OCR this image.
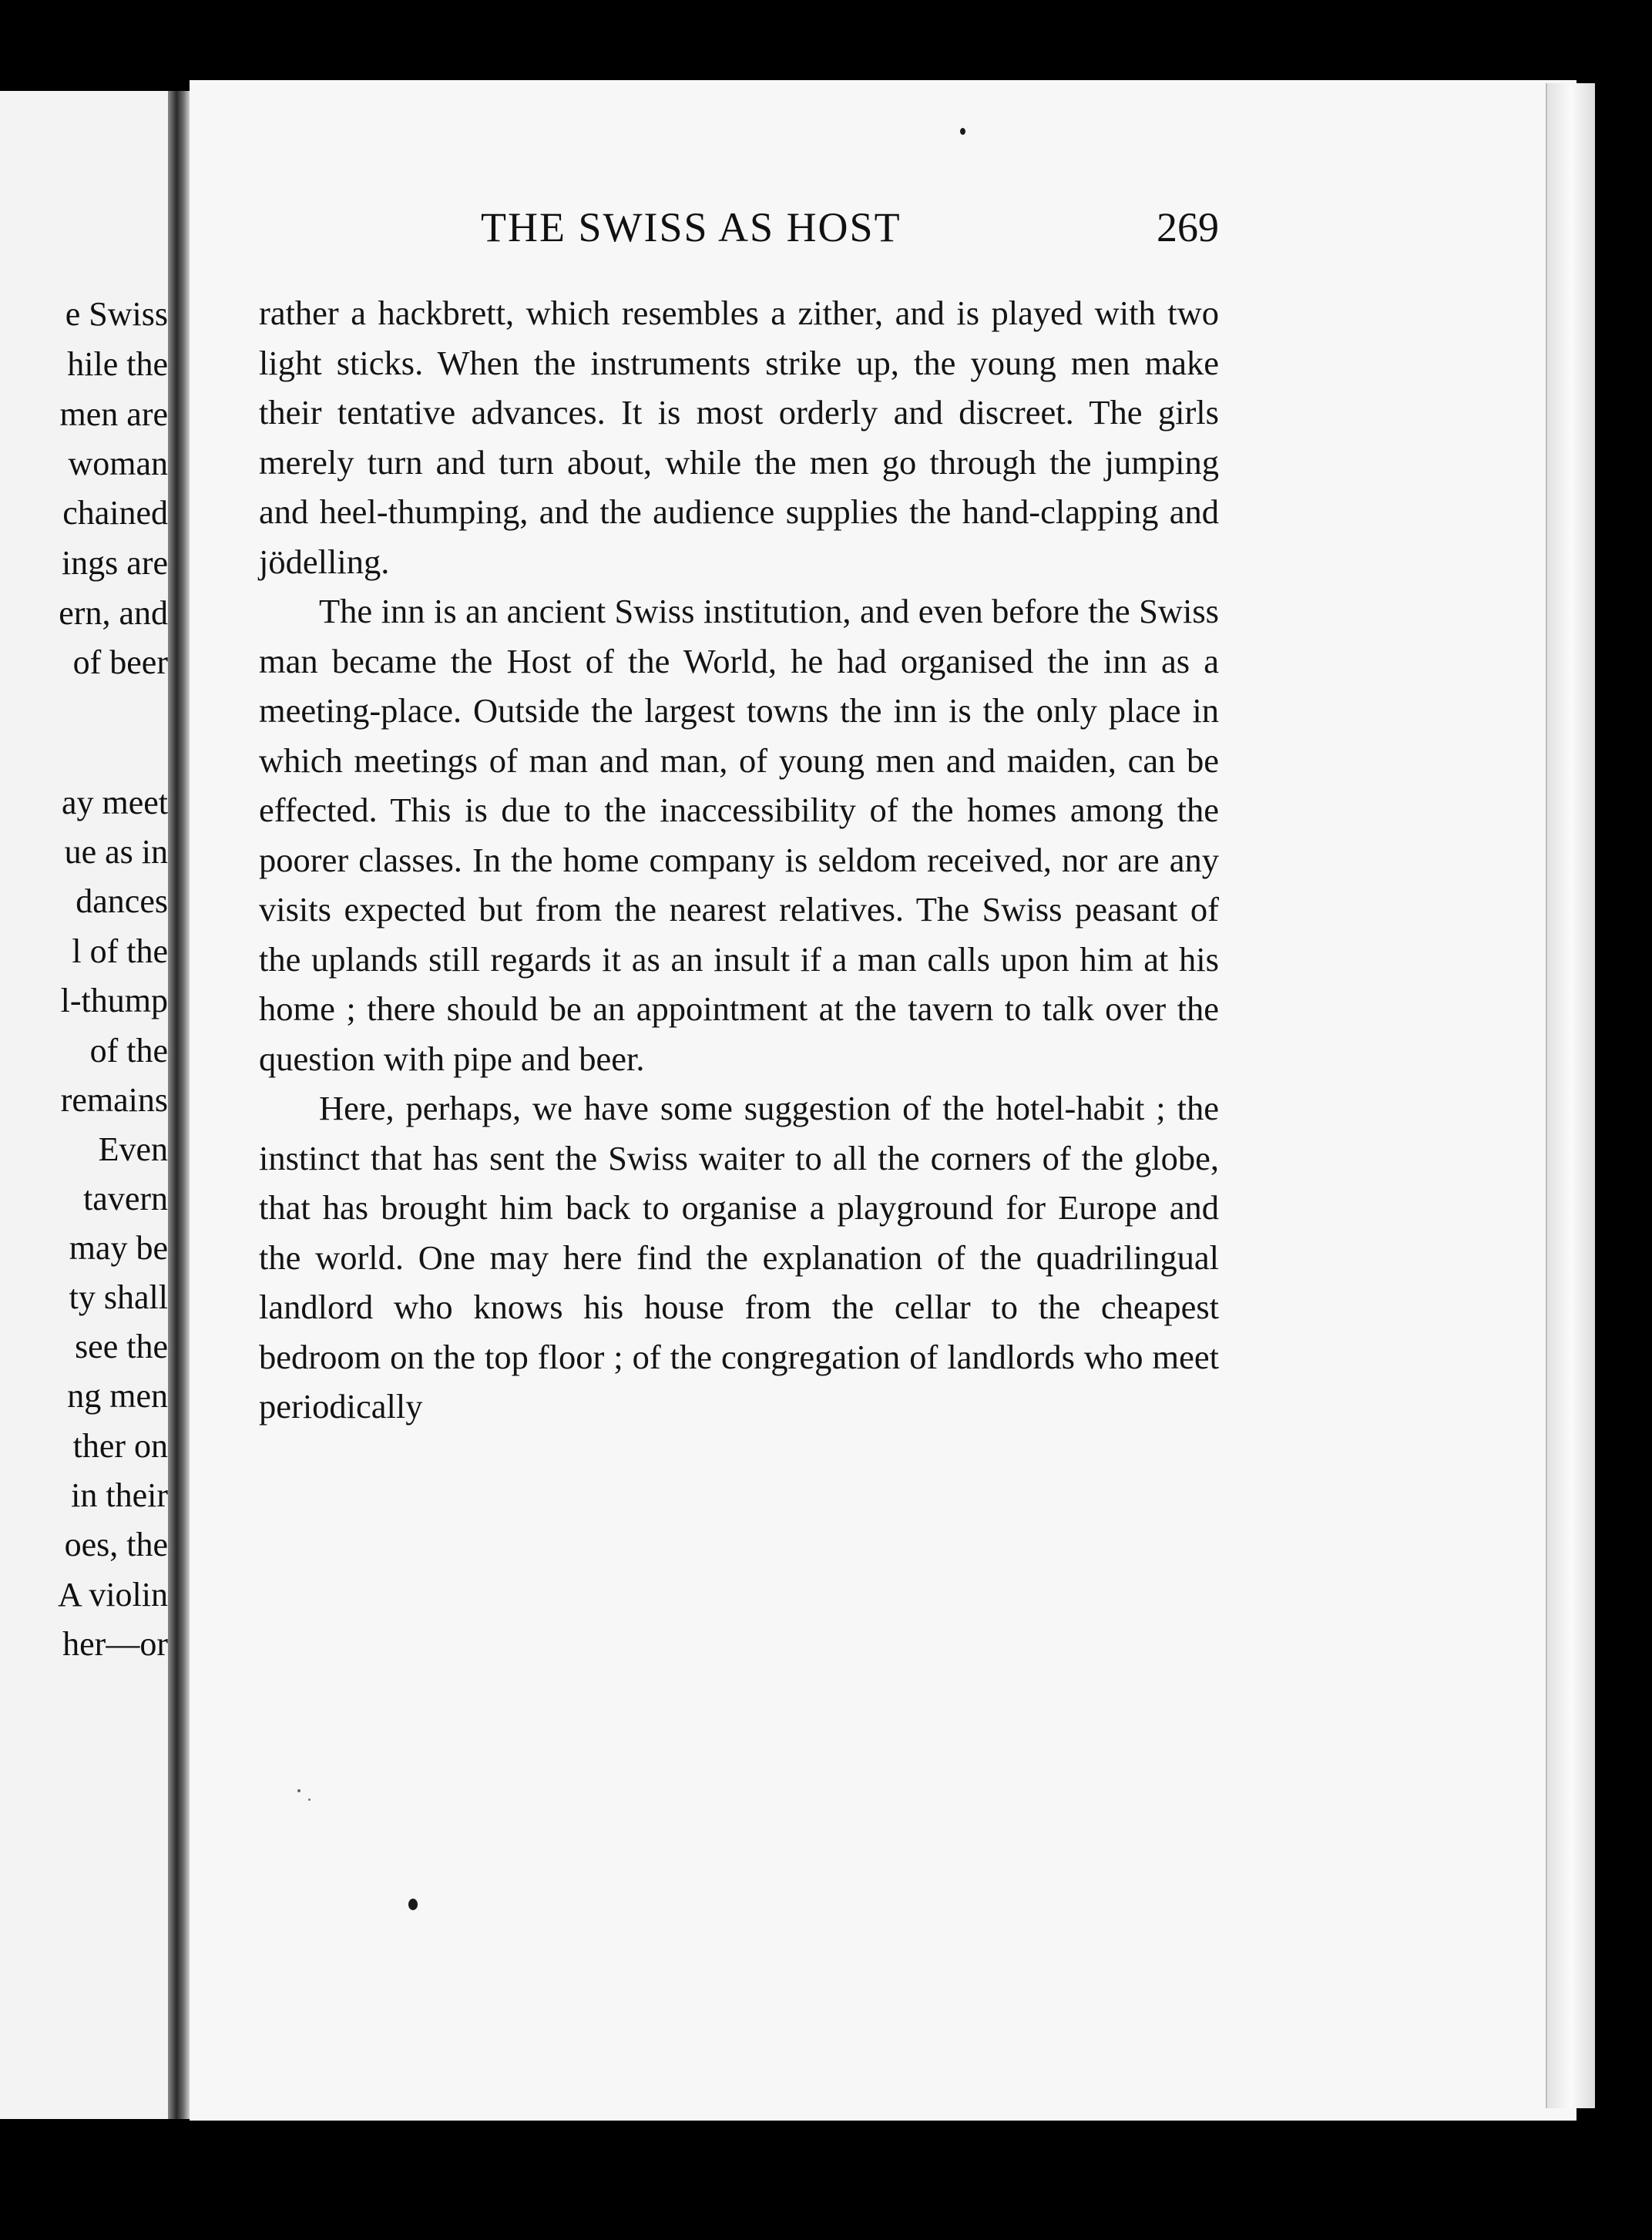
e Swiss
hile the
men are
woman
chained
ings are
ern, and
of beer
ay meet
ue as in
dances
l of the
l-thump
of the
remains
Even
tavern
may be
ty shall
see the
ng men
ther on
in their
oes, the
A violin
her—or
THE SWISS AS HOST	269

rather a hackbrett, which resembles a zither, and is played with two light sticks. When the instruments strike up, the young men make their tentative advances. It is most orderly and discreet. The girls merely turn and turn about, while the men go through the jumping and heel-thumping, and the audience supplies the hand-clapping and jödelling.

The inn is an ancient Swiss institution, and even before the Swiss man became the Host of the World, he had organised the inn as a meeting-place. Outside the largest towns the inn is the only place in which meetings of man and man, of young men and maiden, can be effected. This is due to the inaccessibility of the homes among the poorer classes. In the home company is seldom received, nor are any visits expected but from the nearest relatives. The Swiss peasant of the uplands still regards it as an insult if a man calls upon him at his home ; there should be an appointment at the tavern to talk over the question with pipe and beer.

Here, perhaps, we have some suggestion of the hotel-habit ; the instinct that has sent the Swiss waiter to all the corners of the globe, that has brought him back to organise a playground for Europe and the world. One may here find the explanation of the quadrilingual landlord who knows his house from the cellar to the cheapest bedroom on the top floor ; of the congregation of landlords who meet periodically
